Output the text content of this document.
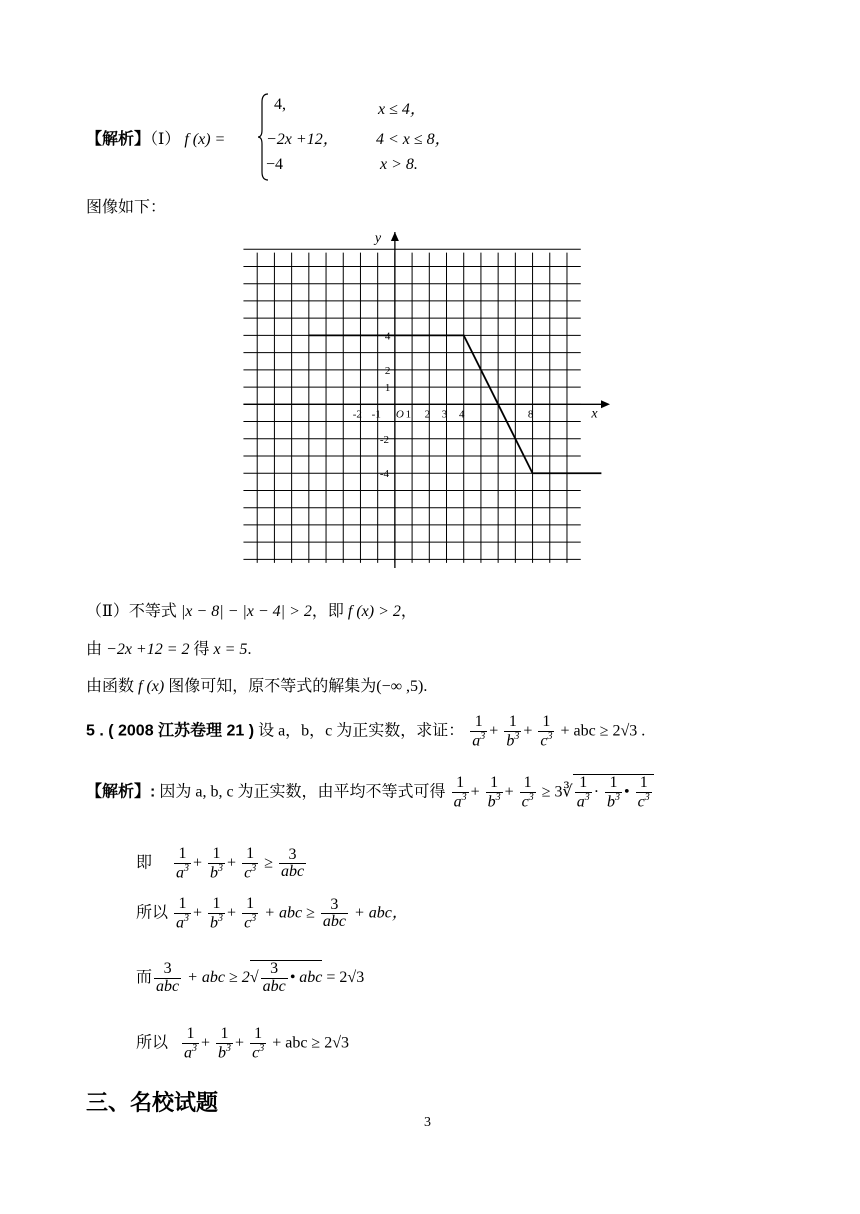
【解析】（Ⅰ） f (x) =
4,	x ≤ 4，
−2x +12， 4 < x ≤ 8，
−4	x > 8.
图像如下：
y
x
-2 -1 1 2 3 4	8
O
4
2
1
-2
-4
（Ⅱ）不等式 |x − 8| − |x − 4| > 2，即 f (x) > 2，
由 −2x +12 = 2 得 x = 5.
由函数 f (x) 图像可知，原不等式的解集为(−∞ ,5).
5 . ( 2008 江苏卷理 21 ) 设 a，b，c 为正实数，求证： $\frac{1}{a^3} + \frac{1}{b^3} + \frac{1}{c^3}$ + abc ≥ 2√3 .
【解析】: 因为 a, b, c 为正实数，由平均不等式可得 $\frac{1}{a^3} + \frac{1}{b^3} + \frac{1}{c^3}$ ≥ 3∛ $\frac{1}{a^3} \cdot \frac{1}{b^3}$ • $\frac{1}{c^3}$
即 $\frac{1}{a^3} + \frac{1}{b^3} + \frac{1}{c^3} \ge \frac{3}{\text{abc}}$
所以 $\frac{1}{a^3} + \frac{1}{b^3} + \frac{1}{c^3}$ + abc ≥ $\frac{3}{\text{abc}}$ + abc，
而 $\frac{3}{\text{abc}}$ + abc ≥ $2√ \frac{3}{\text{abc}}$ • abc = 2√3
所以 $\frac{1}{a^3} + \frac{1}{b^3} + \frac{1}{c^3}$ + abc ≥ 2√3
三、名校试题
3
